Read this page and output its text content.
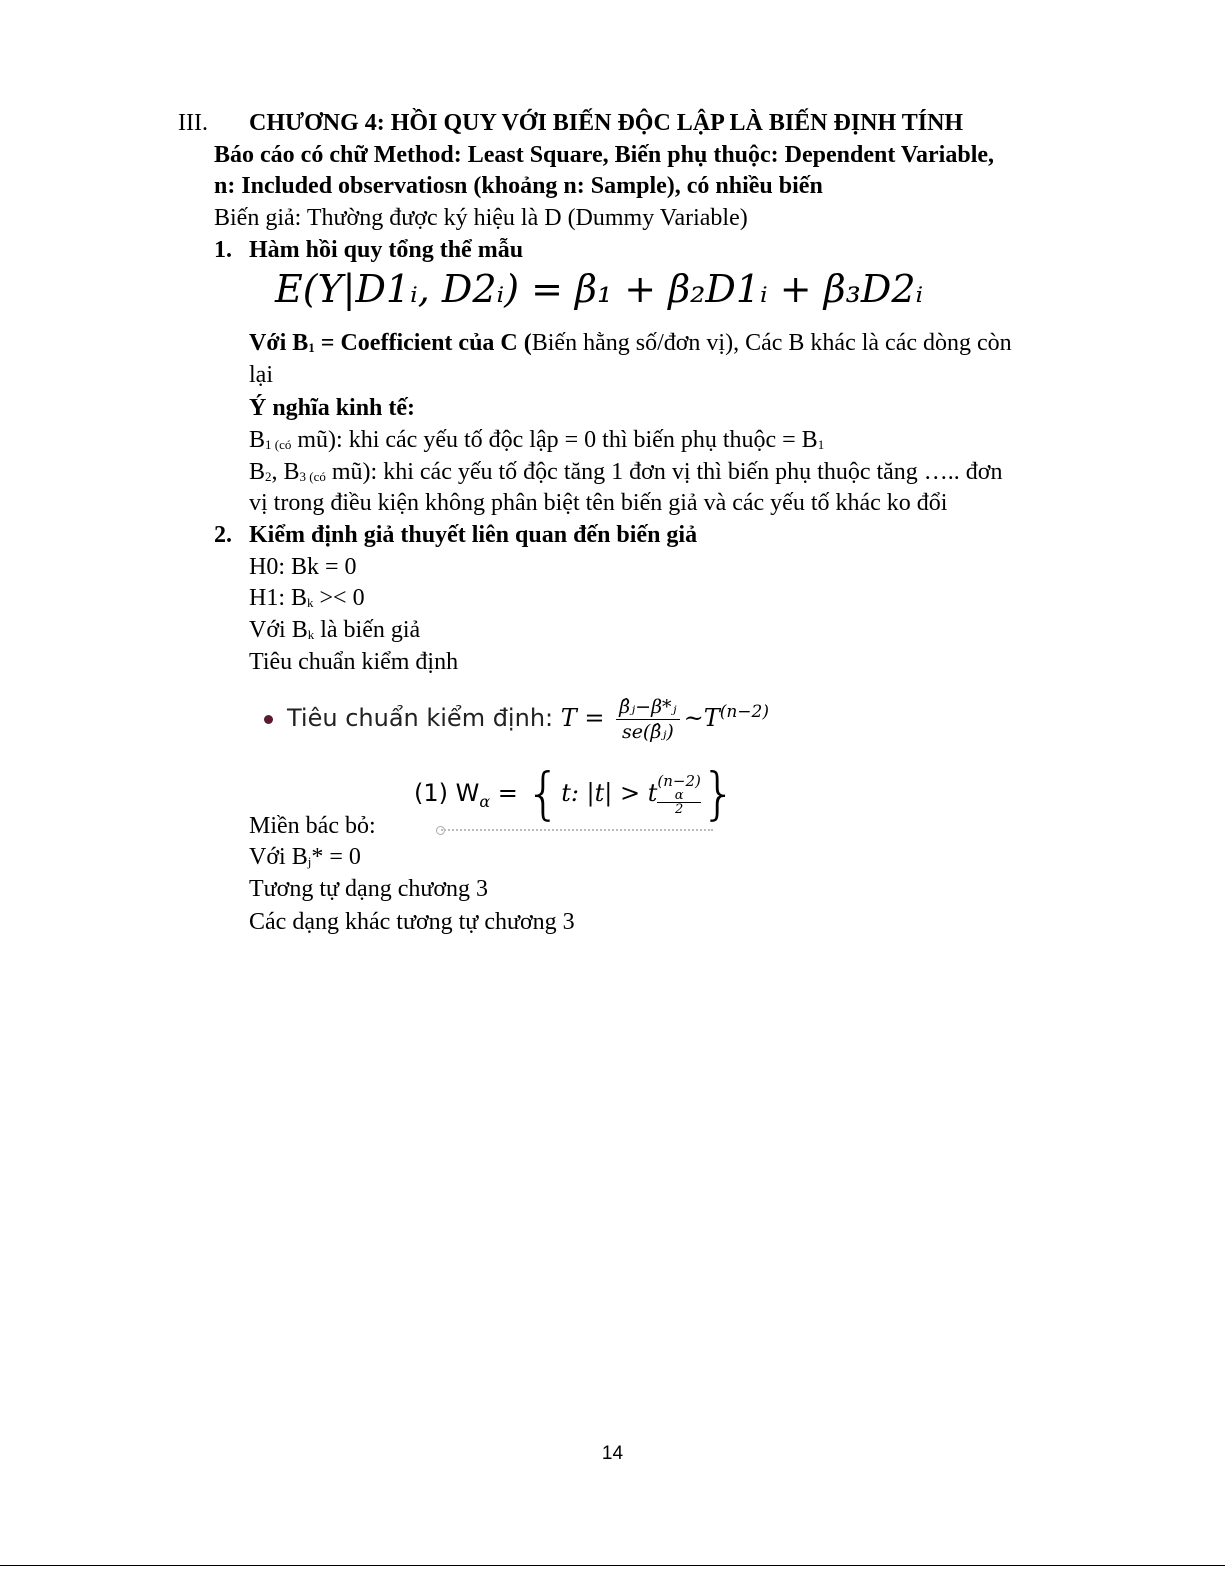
III. CHƯƠNG 4: HỒI QUY VỚI BIẾN ĐỘC LẬP LÀ BIẾN ĐỊNH TÍNH
Báo cáo có chữ Method: Least Square, Biến phụ thuộc: Dependent Variable,
n: Included observatiosn (khoảng n: Sample), có nhiều biến
Biến giả: Thường được ký hiệu là D (Dummy Variable)
1. Hàm hồi quy tổng thể mẫu
E(Y|D1ᵢ, D2ᵢ) = β₁ + β₂D1ᵢ + β₃D2ᵢ
Với $B_1$ = Coefficient của C (Biến hằng số/đơn vị), Các B khác là các dòng còn
lại
Ý nghĩa kinh tế:
$B_{1 (có}$ mũ): khi các yếu tố độc lập = 0 thì biến phụ thuộc = $B_1$
$B_2$, $B_{3 (có}$ mũ): khi các yếu tố độc tăng 1 đơn vị thì biến phụ thuộc tăng ….. đơn
vị trong điều kiện không phân biệt tên biến giả và các yếu tố khác ko đổi
2. Kiểm định giả thuyết liên quan đến biến giả
H0: Bk = 0
H1: $B_k >< 0$
Với $B_k$ là biến giả
Tiêu chuẩn kiểm định
Tiêu chuẩn kiểm định: $T = \frac{\text{β̂ⱼ−β*ⱼ}}{\text{se(β̂ⱼ)}}$ $\sim T^{(n-2)}$
(1) $W_\alpha = \{t$: |t| > t (n−2)
α
2 }
Miền bác bỏ:
Với $B_j* = 0$
Tương tự dạng chương 3
Các dạng khác tương tự chương 3
14
